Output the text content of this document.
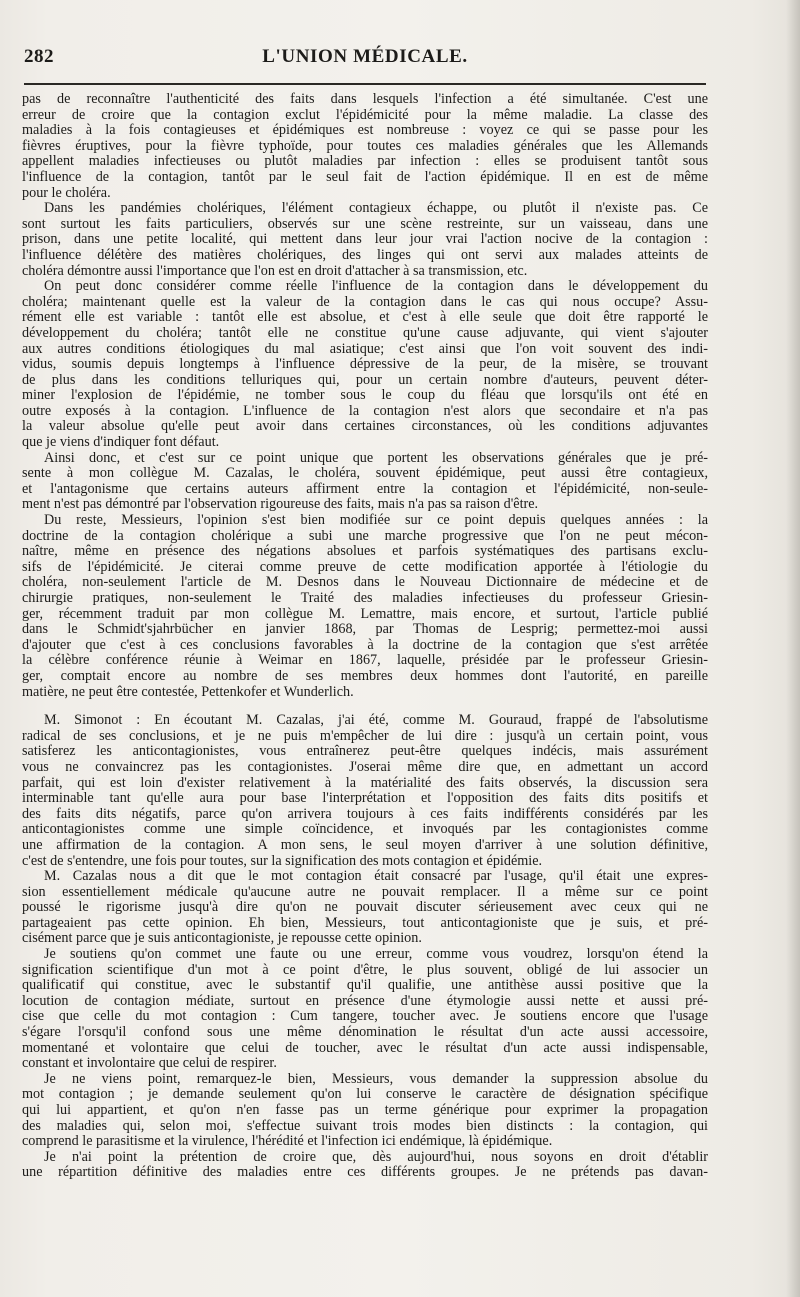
282	L'UNION MÉDICALE.
pas de reconnaître l'authenticité des faits dans lesquels l'infection a été simultanée. C'est une
erreur de croire que la contagion exclut l'épidémicité pour la même maladie. La classe des
maladies à la fois contagieuses et épidémiques est nombreuse : voyez ce qui se passe pour les
fièvres éruptives, pour la fièvre typhoïde, pour toutes ces maladies générales que les Allemands
appellent maladies infectieuses ou plutôt maladies par infection : elles se produisent tantôt sous
l'influence de la contagion, tantôt par le seul fait de l'action épidémique. Il en est de même
pour le choléra.
Dans les pandémies cholériques, l'élément contagieux échappe, ou plutôt il n'existe pas. Ce
sont surtout les faits particuliers, observés sur une scène restreinte, sur un vaisseau, dans une
prison, dans une petite localité, qui mettent dans leur jour vrai l'action nocive de la contagion :
l'influence délétère des matières cholériques, des linges qui ont servi aux malades atteints de
choléra démontre aussi l'importance que l'on est en droit d'attacher à sa transmission, etc.
On peut donc considérer comme réelle l'influence de la contagion dans le développement du
choléra; maintenant quelle est la valeur de la contagion dans le cas qui nous occupe? Assu-
rément elle est variable : tantôt elle est absolue, et c'est à elle seule que doit être rapporté le
développement du choléra; tantôt elle ne constitue qu'une cause adjuvante, qui vient s'ajouter
aux autres conditions étiologiques du mal asiatique; c'est ainsi que l'on voit souvent des indi-
vidus, soumis depuis longtemps à l'influence dépressive de la peur, de la misère, se trouvant
de plus dans les conditions telluriques qui, pour un certain nombre d'auteurs, peuvent déter-
miner l'explosion de l'épidémie, ne tomber sous le coup du fléau que lorsqu'ils ont été en
outre exposés à la contagion. L'influence de la contagion n'est alors que secondaire et n'a pas
la valeur absolue qu'elle peut avoir dans certaines circonstances, où les conditions adjuvantes
que je viens d'indiquer font défaut.
Ainsi donc, et c'est sur ce point unique que portent les observations générales que je pré-
sente à mon collègue M. Cazalas, le choléra, souvent épidémique, peut aussi être contagieux,
et l'antagonisme que certains auteurs affirment entre la contagion et l'épidémicité, non-seule-
ment n'est pas démontré par l'observation rigoureuse des faits, mais n'a pas sa raison d'être.
Du reste, Messieurs, l'opinion s'est bien modifiée sur ce point depuis quelques années : la
doctrine de la contagion cholérique a subi une marche progressive que l'on ne peut mécon-
naître, même en présence des négations absolues et parfois systématiques des partisans exclu-
sifs de l'épidémicité. Je citerai comme preuve de cette modification apportée à l'étiologie du
choléra, non-seulement l'article de M. Desnos dans le Nouveau Dictionnaire de médecine et de
chirurgie pratiques, non-seulement le Traité des maladies infectieuses du professeur Griesin-
ger, récemment traduit par mon collègue M. Lemattre, mais encore, et surtout, l'article publié
dans le Schmidt'sjahrbücher en janvier 1868, par Thomas de Lesprig; permettez-moi aussi
d'ajouter que c'est à ces conclusions favorables à la doctrine de la contagion que s'est arrêtée
la célèbre conférence réunie à Weimar en 1867, laquelle, présidée par le professeur Griesin-
ger, comptait encore au nombre de ses membres deux hommes dont l'autorité, en pareille
matière, ne peut être contestée, Pettenkofer et Wunderlich.
M. Simonot : En écoutant M. Cazalas, j'ai été, comme M. Gouraud, frappé de l'absolutisme
radical de ses conclusions, et je ne puis m'empêcher de lui dire : jusqu'à un certain point, vous
satisferez les anticontagionistes, vous entraînerez peut-être quelques indécis, mais assurément
vous ne convaincrez pas les contagionistes. J'oserai même dire que, en admettant un accord
parfait, qui est loin d'exister relativement à la matérialité des faits observés, la discussion sera
interminable tant qu'elle aura pour base l'interprétation et l'opposition des faits dits positifs et
des faits dits négatifs, parce qu'on arrivera toujours à ces faits indifférents considérés par les
anticontagionistes comme une simple coïncidence, et invoqués par les contagionistes comme
une affirmation de la contagion. A mon sens, le seul moyen d'arriver à une solution définitive,
c'est de s'entendre, une fois pour toutes, sur la signification des mots contagion et épidémie.
M. Cazalas nous a dit que le mot contagion était consacré par l'usage, qu'il était une expres-
sion essentiellement médicale qu'aucune autre ne pouvait remplacer. Il a même sur ce point
poussé le rigorisme jusqu'à dire qu'on ne pouvait discuter sérieusement avec ceux qui ne
partageaient pas cette opinion. Eh bien, Messieurs, tout anticontagioniste que je suis, et pré-
cisément parce que je suis anticontagioniste, je repousse cette opinion.
Je soutiens qu'on commet une faute ou une erreur, comme vous voudrez, lorsqu'on étend la
signification scientifique d'un mot à ce point d'être, le plus souvent, obligé de lui associer un
qualificatif qui constitue, avec le substantif qu'il qualifie, une antithèse aussi positive que la
locution de contagion médiate, surtout en présence d'une étymologie aussi nette et aussi pré-
cise que celle du mot contagion : Cum tangere, toucher avec. Je soutiens encore que l'usage
s'égare l'orsqu'il confond sous une même dénomination le résultat d'un acte aussi accessoire,
momentané et volontaire que celui de toucher, avec le résultat d'un acte aussi indispensable,
constant et involontaire que celui de respirer.
Je ne viens point, remarquez-le bien, Messieurs, vous demander la suppression absolue du
mot contagion ; je demande seulement qu'on lui conserve le caractère de désignation spécifique
qui lui appartient, et qu'on n'en fasse pas un terme générique pour exprimer la propagation
des maladies qui, selon moi, s'effectue suivant trois modes bien distincts : la contagion, qui
comprend le parasitisme et la virulence, l'hérédité et l'infection ici endémique, là épidémique.
Je n'ai point la prétention de croire que, dès aujourd'hui, nous soyons en droit d'établir
une répartition définitive des maladies entre ces différents groupes. Je ne prétends pas davan-
